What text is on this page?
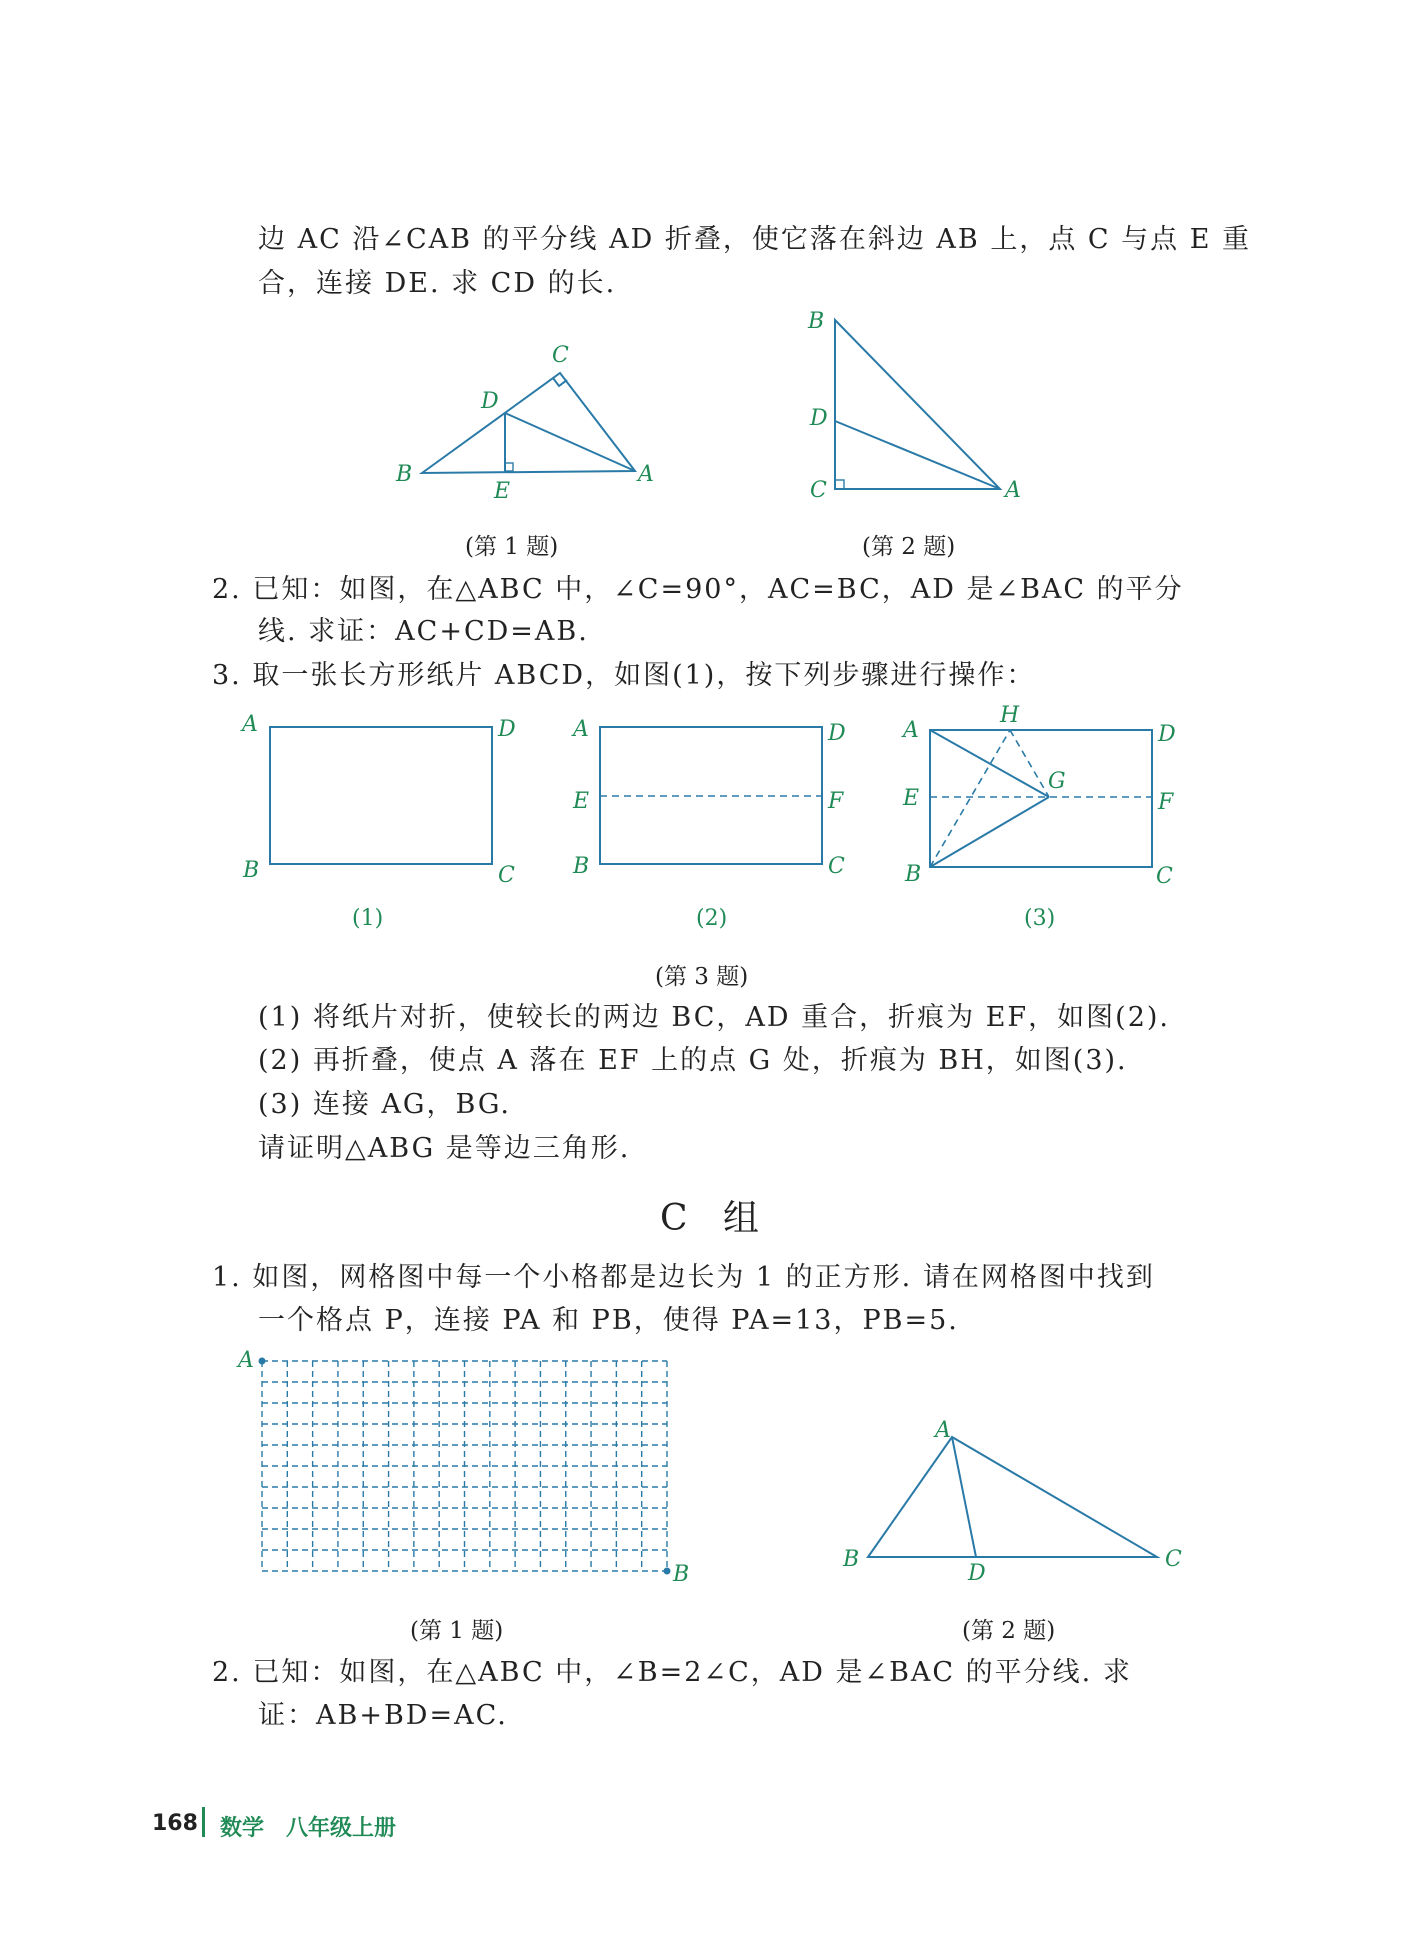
边 AC 沿∠CAB 的平分线 AD 折叠，使它落在斜边 AB 上，点 C 与点 E 重
合，连接 DE. 求 CD 的长.
C
D
B	A
E
B
D
C	A
(第 1 题)	(第 2 题)
2. 已知：如图，在△ABC 中，∠C=90°，AC=BC，AD 是∠BAC 的平分
线. 求证：AC+CD=AB.
3. 取一张长方形纸片 ABCD，如图(1)，按下列步骤进行操作：
A	D
B	C
A	D
E	F
B	C
A
H
D
G
E	F
B	C
(1)	(2)	(3)
(第 3 题)
(1) 将纸片对折，使较长的两边 BC，AD 重合，折痕为 EF，如图(2).
(2) 再折叠，使点 A 落在 EF 上的点 G 处，折痕为 BH，如图(3).
(3) 连接 AG，BG.
请证明△ABG 是等边三角形.
C 组
1. 如图，网格图中每一个小格都是边长为 1 的正方形. 请在网格图中找到
一个格点 P，连接 PA 和 PB，使得 PA=13，PB=5.
A
B
A
B
D
C
(第 1 题)	(第 2 题)
2. 已知：如图，在△ABC 中，∠B=2∠C，AD 是∠BAC 的平分线. 求
证：AB+BD=AC.
168 数学　八年级上册
